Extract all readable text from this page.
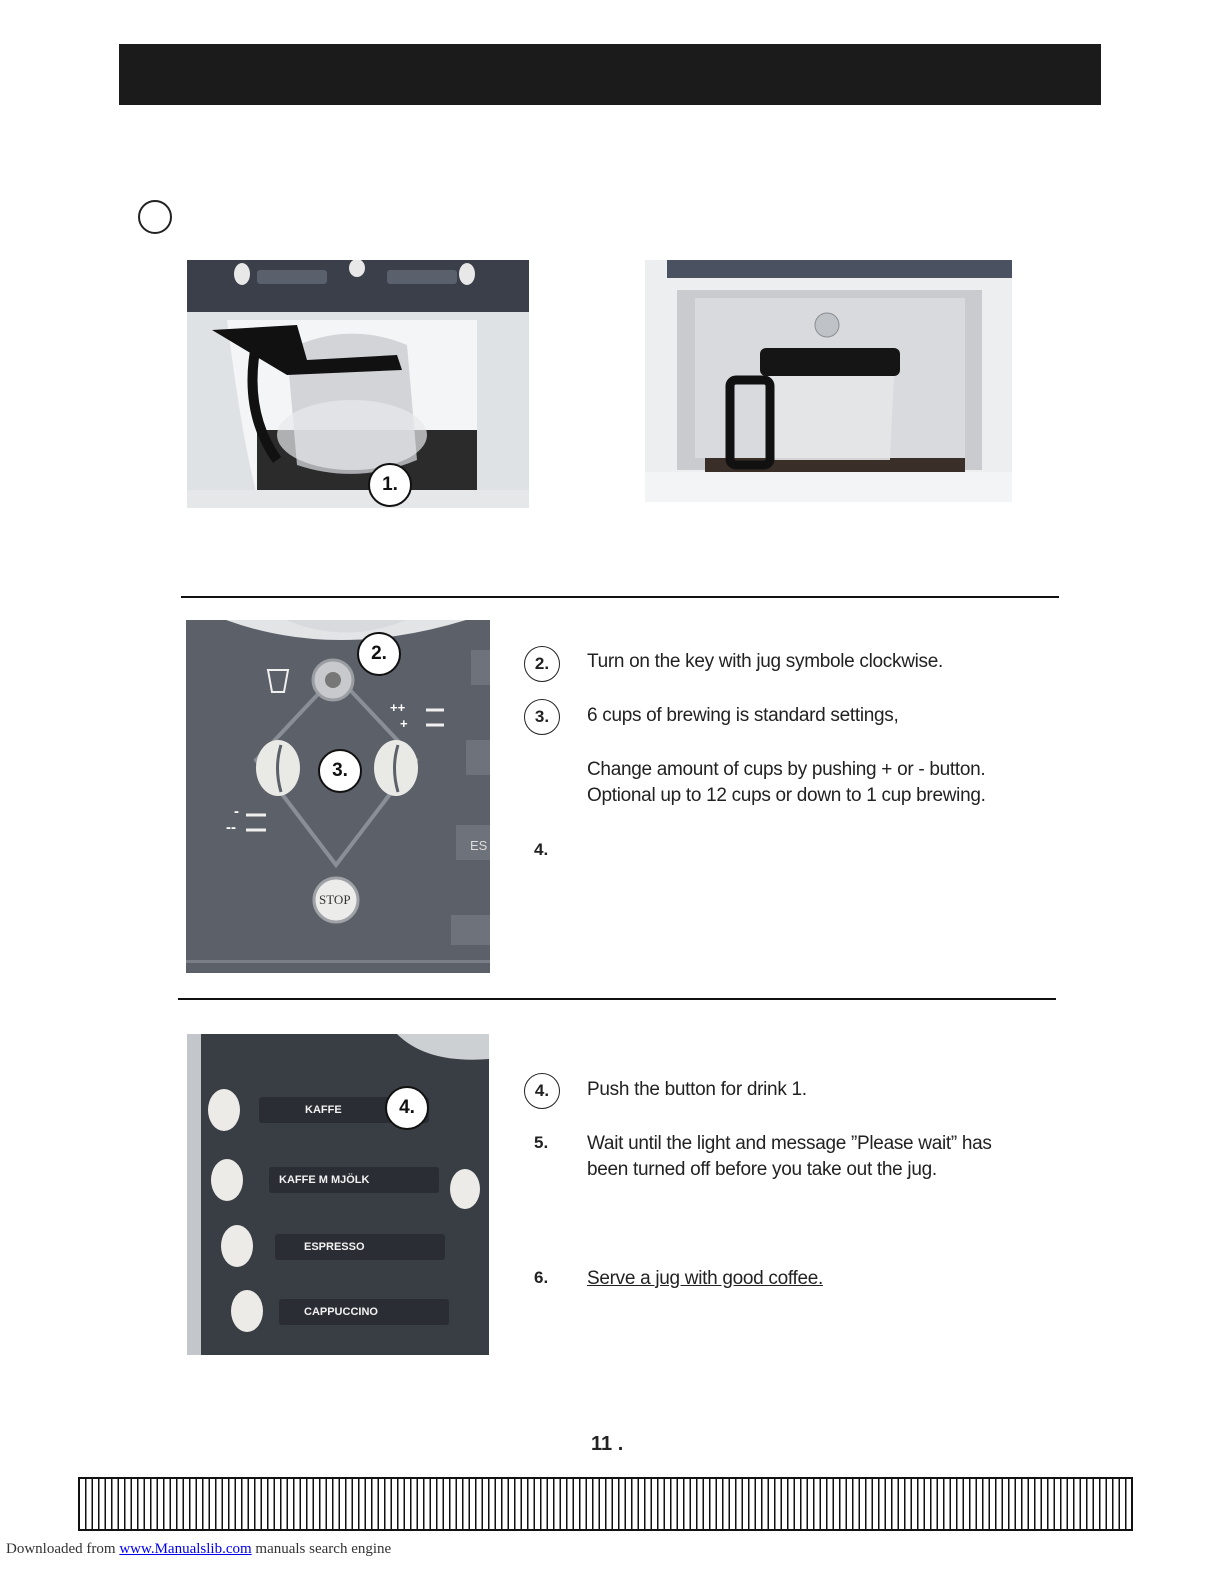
1.
STOP
++
+
-
--
ES
2.
3.
2.	Turn on the key with jug symbole clockwise.
3.	6 cups of brewing is standard settings,
Change amount of cups by pushing + or - button.
Optional up to 12 cups or down to 1 cup brewing.
4.
KAFFE
KAFFE M MJÖLK
ESPRESSO
CAPPUCCINO
4.
4.	Push the button for drink 1.
5. Wait until the light and message ”Please wait” has
been turned off before you take out the jug.
6. Serve a jug with good coffee.
11 .
Downloaded from www.Manualslib.com manuals search engine
